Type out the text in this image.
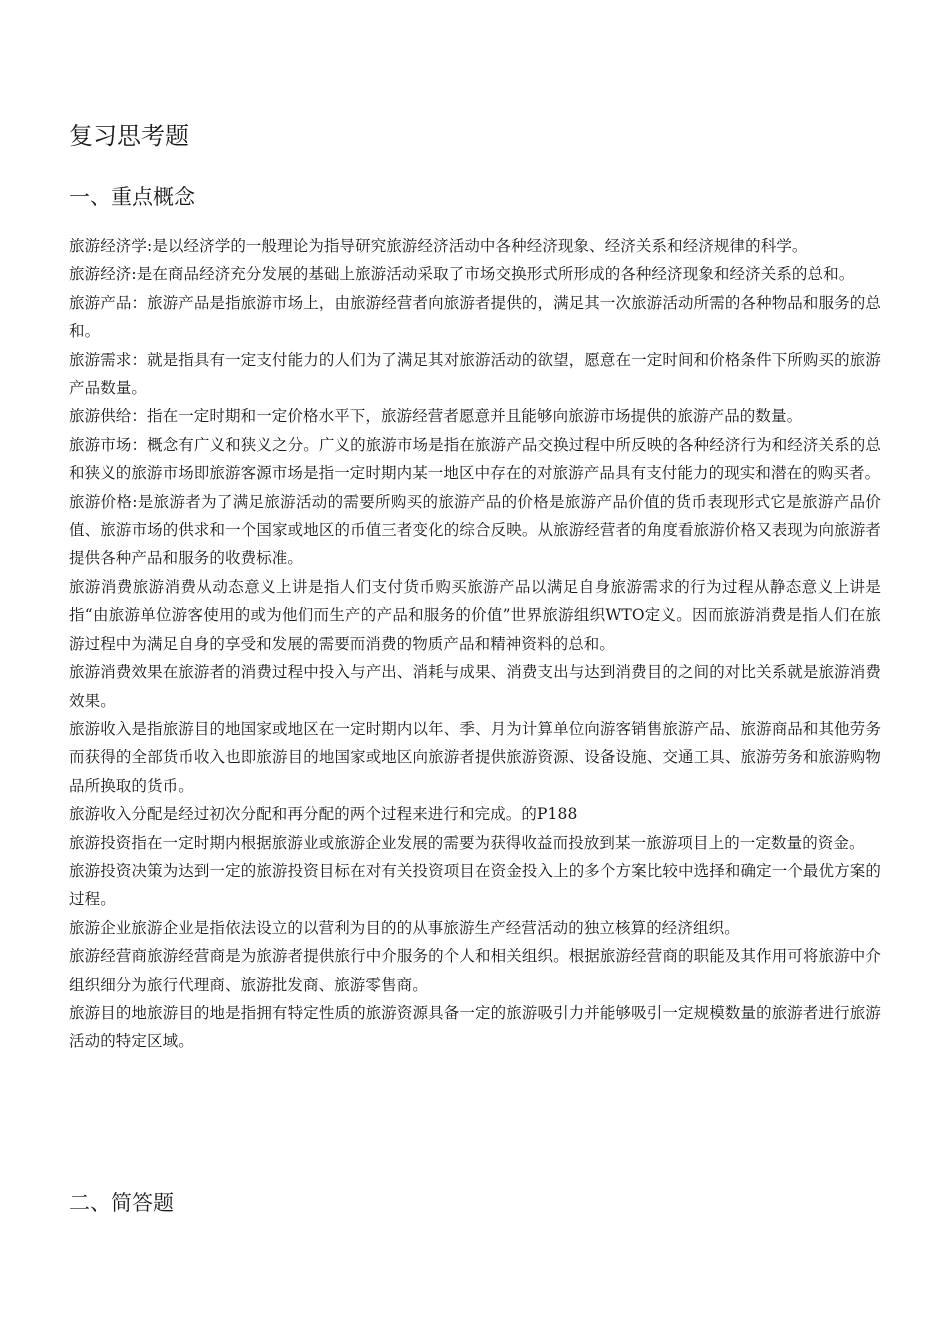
复习思考题
一、重点概念
旅游经济学:是以经济学的一般理论为指导研究旅游经济活动中各种经济现象、经济关系和经济规律的科学。
旅游经济:是在商品经济充分发展的基础上旅游活动采取了市场交换形式所形成的各种经济现象和经济关系的总和。
旅游产品：旅游产品是指旅游市场上，由旅游经营者向旅游者提供的，满足其一次旅游活动所需的各种物品和服务的总和。
旅游需求：就是指具有一定支付能力的人们为了满足其对旅游活动的欲望，愿意在一定时间和价格条件下所购买的旅游产品数量。
旅游供给：指在一定时期和一定价格水平下，旅游经营者愿意并且能够向旅游市场提供的旅游产品的数量。
旅游市场：概念有广义和狭义之分。广义的旅游市场是指在旅游产品交换过程中所反映的各种经济行为和经济关系的总和狭义的旅游市场即旅游客源市场是指一定时期内某一地区中存在的对旅游产品具有支付能力的现实和潜在的购买者。
旅游价格:是旅游者为了满足旅游活动的需要所购买的旅游产品的价格是旅游产品价值的货币表现形式它是旅游产品价值、旅游市场的供求和一个国家或地区的币值三者变化的综合反映。从旅游经营者的角度看旅游价格又表现为向旅游者提供各种产品和服务的收费标准。
旅游消费旅游消费从动态意义上讲是指人们支付货币购买旅游产品以满足自身旅游需求的行为过程从静态意义上讲是指“由旅游单位游客使用的或为他们而生产的产品和服务的价值”世界旅游组织WTO定义。因而旅游消费是指人们在旅游过程中为满足自身的享受和发展的需要而消费的物质产品和精神资料的总和。
旅游消费效果在旅游者的消费过程中投入与产出、消耗与成果、消费支出与达到消费目的之间的对比关系就是旅游消费效果。
旅游收入是指旅游目的地国家或地区在一定时期内以年、季、月为计算单位向游客销售旅游产品、旅游商品和其他劳务而获得的全部货币收入也即旅游目的地国家或地区向旅游者提供旅游资源、设备设施、交通工具、旅游劳务和旅游购物品所换取的货币。
旅游收入分配是经过初次分配和再分配的两个过程来进行和完成。的P188
旅游投资指在一定时期内根据旅游业或旅游企业发展的需要为获得收益而投放到某一旅游项目上的一定数量的资金。
旅游投资决策为达到一定的旅游投资目标在对有关投资项目在资金投入上的多个方案比较中选择和确定一个最优方案的过程。
旅游企业旅游企业是指依法设立的以营利为目的的从事旅游生产经营活动的独立核算的经济组织。
旅游经营商旅游经营商是为旅游者提供旅行中介服务的个人和相关组织。根据旅游经营商的职能及其作用可将旅游中介组织细分为旅行代理商、旅游批发商、旅游零售商。
旅游目的地旅游目的地是指拥有特定性质的旅游资源具备一定的旅游吸引力并能够吸引一定规模数量的旅游者进行旅游活动的特定区域。
二、简答题
